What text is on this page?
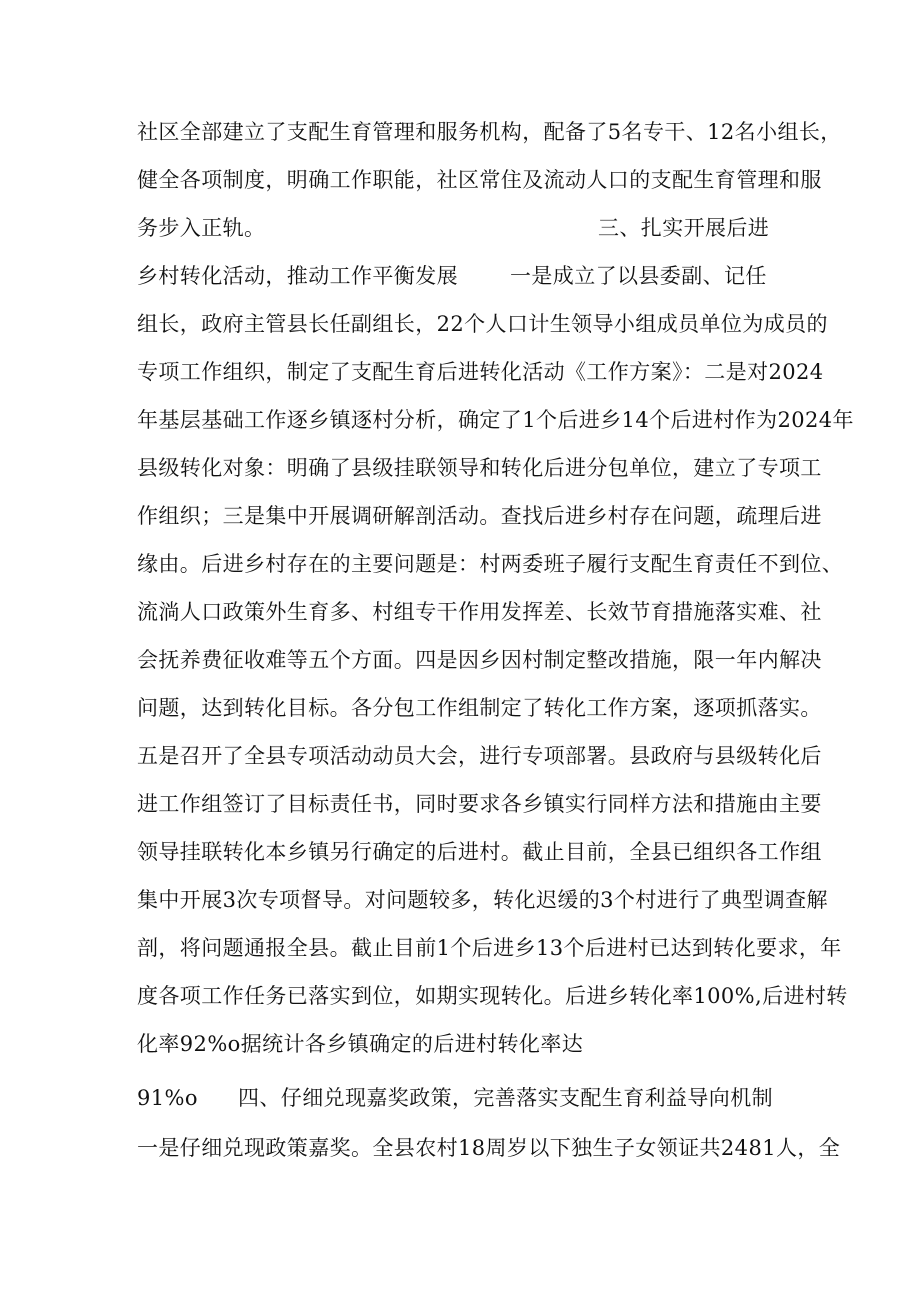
社区全部建立了支配生育管理和服务机构，配备了5名专干、12名小组长，
健全各项制度，明确工作职能，社区常住及流动人口的支配生育管理和服
务步入正轨。	三、扎实开展后进
乡村转化活动，推动工作平衡发展 一是成立了以县委副、记任
组长，政府主管县长任副组长，22个人口计生领导小组成员单位为成员的
专项工作组织，制定了支配生育后进转化活动《工作方案》：二是对2024
年基层基础工作逐乡镇逐村分析，确定了1个后进乡14个后进村作为2024年
县级转化对象：明确了县级挂联领导和转化后进分包单位，建立了专项工
作组织；三是集中开展调研解剖活动。查找后进乡村存在问题，疏理后进
缘由。后进乡村存在的主要问题是：村两委班子履行支配生育责任不到位、
流淌人口政策外生育多、村组专干作用发挥差、长效节育措施落实难、社
会抚养费征收难等五个方面。四是因乡因村制定整改措施，限一年内解决
问题，达到转化目标。各分包工作组制定了转化工作方案，逐项抓落实。
五是召开了全县专项活动动员大会，进行专项部署。县政府与县级转化后
进工作组签订了目标责任书，同时要求各乡镇实行同样方法和措施由主要
领导挂联转化本乡镇另行确定的后进村。截止目前，全县已组织各工作组
集中开展3次专项督导。对问题较多，转化迟缓的3个村进行了典型调查解
剖，将问题通报全县。截止目前1个后进乡13个后进村已达到转化要求，年
度各项工作任务已落实到位，如期实现转化。后进乡转化率100%,后进村转
化率92%o据统计各乡镇确定的后进村转化率达
91%o 四、仔细兑现嘉奖政策，完善落实支配生育利益导向机制
一是仔细兑现政策嘉奖。全县农村18周岁以下独生子女领证共2481人，全
